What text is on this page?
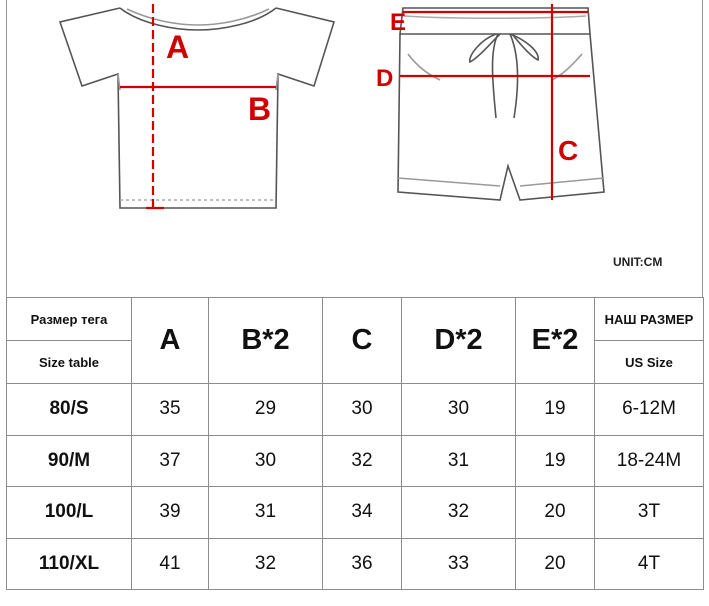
A
B
E
D
C
UNIT:CM
Размер тега	A	B*2	C	D*2	E*2	НАШ РАЗМЕР
Size table						US Size
80/S	35	29	30	30	19	6-12M
90/M	37	30	32	31	19	18-24M
100/L	39	31	34	32	20	3T
110/XL	41	32	36	33	20	4T
